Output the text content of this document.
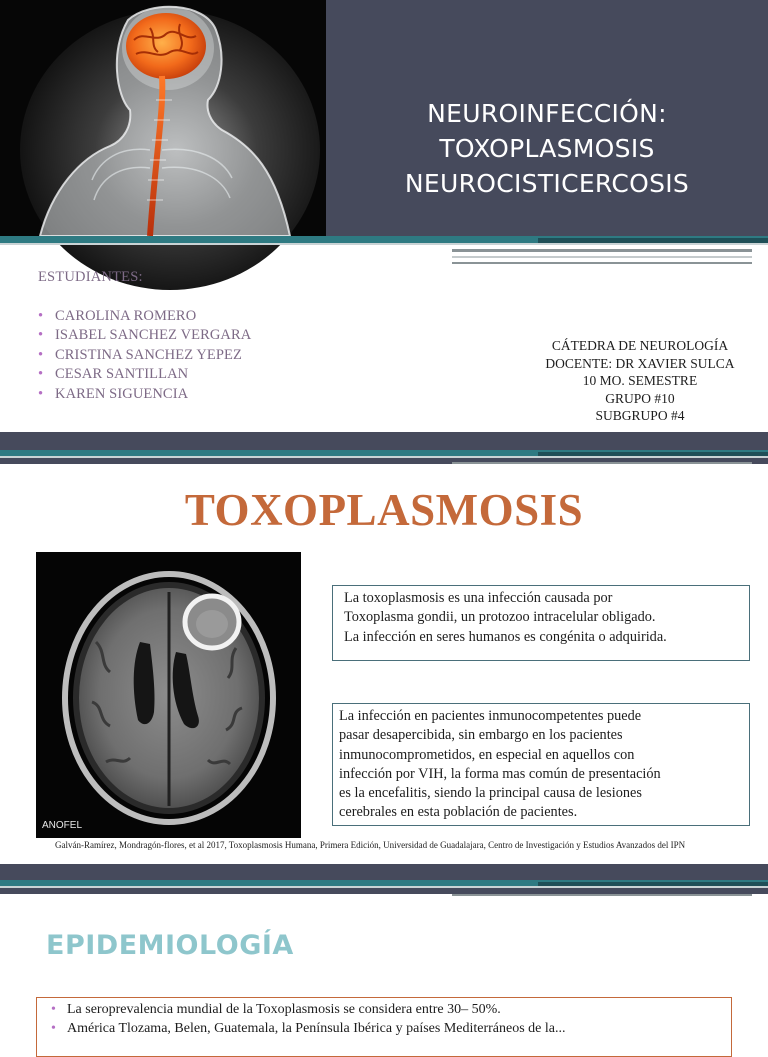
NEUROINFECCIÓN:
TOXOPLASMOSIS
NEUROCISTICERCOSIS
ESTUDIANTES:
• CAROLINA ROMERO
• ISABEL SANCHEZ VERGARA
• CRISTINA SANCHEZ YEPEZ
• CESAR SANTILLAN
• KAREN SIGUENCIA
CÁTEDRA DE NEUROLOGÍA
DOCENTE: DR XAVIER SULCA
10 MO. SEMESTRE
GRUPO #10
SUBGRUPO #4
TOXOPLASMOSIS
ANOFEL
La toxoplasmosis es una infección causada por
Toxoplasma gondii, un protozoo intracelular obligado.
La infección en seres humanos es congénita o adquirida.
La infección en pacientes inmunocompetentes puede
pasar desapercibida, sin embargo en los pacientes
inmunocomprometidos, en especial en aquellos con
infección por VIH, la forma mas común de presentación
es la encefalitis, siendo la principal causa de lesiones
cerebrales en esta población de pacientes.
Galván-Ramírez, Mondragón-flores, et al 2017, Toxoplasmosis Humana, Primera Edición, Universidad de Guadalajara, Centro de Investigación y Estudios Avanzados del IPN
EPIDEMIOLOGÍA
• La seroprevalencia mundial de la Toxoplasmosis se considera entre 30– 50%.
• América Tlozama, Belen, Guatemala, la Península Ibérica y países Mediterráneos de la...
